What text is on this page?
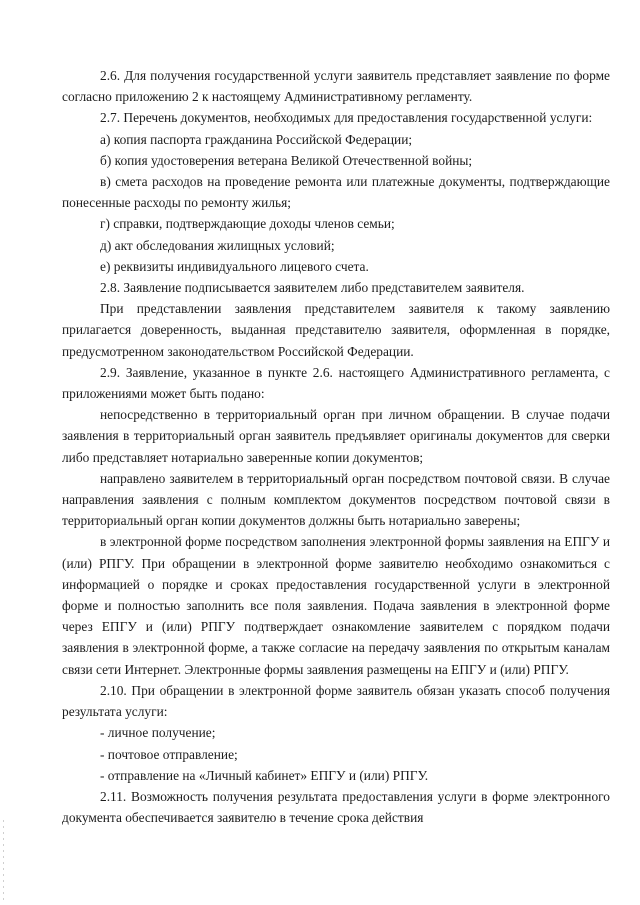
2.6. Для получения государственной услуги заявитель представляет заявление по форме согласно приложению 2 к настоящему Административному регламенту.

2.7. Перечень документов, необходимых для предоставления государственной услуги:

а) копия паспорта гражданина Российской Федерации;

б) копия удостоверения ветерана Великой Отечественной войны;

в) смета расходов на проведение ремонта или платежные документы, подтверждающие понесенные расходы по ремонту жилья;

г) справки, подтверждающие доходы членов семьи;

д) акт обследования жилищных условий;

е) реквизиты индивидуального лицевого счета.

2.8. Заявление подписывается заявителем либо представителем заявителя.

При представлении заявления представителем заявителя к такому заявлению прилагается доверенность, выданная представителю заявителя, оформленная в порядке, предусмотренном законодательством Российской Федерации.

2.9. Заявление, указанное в пункте 2.6. настоящего Административного регламента, с приложениями может быть подано:

непосредственно в территориальный орган при личном обращении. В случае подачи заявления в территориальный орган заявитель предъявляет оригиналы документов для сверки либо представляет нотариально заверенные копии документов;

направлено заявителем в территориальный орган посредством почтовой связи. В случае направления заявления с полным комплектом документов посредством почтовой связи в территориальный орган копии документов должны быть нотариально заверены;

в электронной форме посредством заполнения электронной формы заявления на ЕПГУ и (или) РПГУ. При обращении в электронной форме заявителю необходимо ознакомиться с информацией о порядке и сроках предоставления государственной услуги в электронной форме и полностью заполнить все поля заявления. Подача заявления в электронной форме через ЕПГУ и (или) РПГУ подтверждает ознакомление заявителем с порядком подачи заявления в электронной форме, а также согласие на передачу заявления по открытым каналам связи сети Интернет. Электронные формы заявления размещены на ЕПГУ и (или) РПГУ.

2.10. При обращении в электронной форме заявитель обязан указать способ получения результата услуги:

- личное получение;

- почтовое отправление;

- отправление на «Личный кабинет» ЕПГУ и (или) РПГУ.

2.11. Возможность получения результата предоставления услуги в форме электронного документа обеспечивается заявителю в течение срока действия
